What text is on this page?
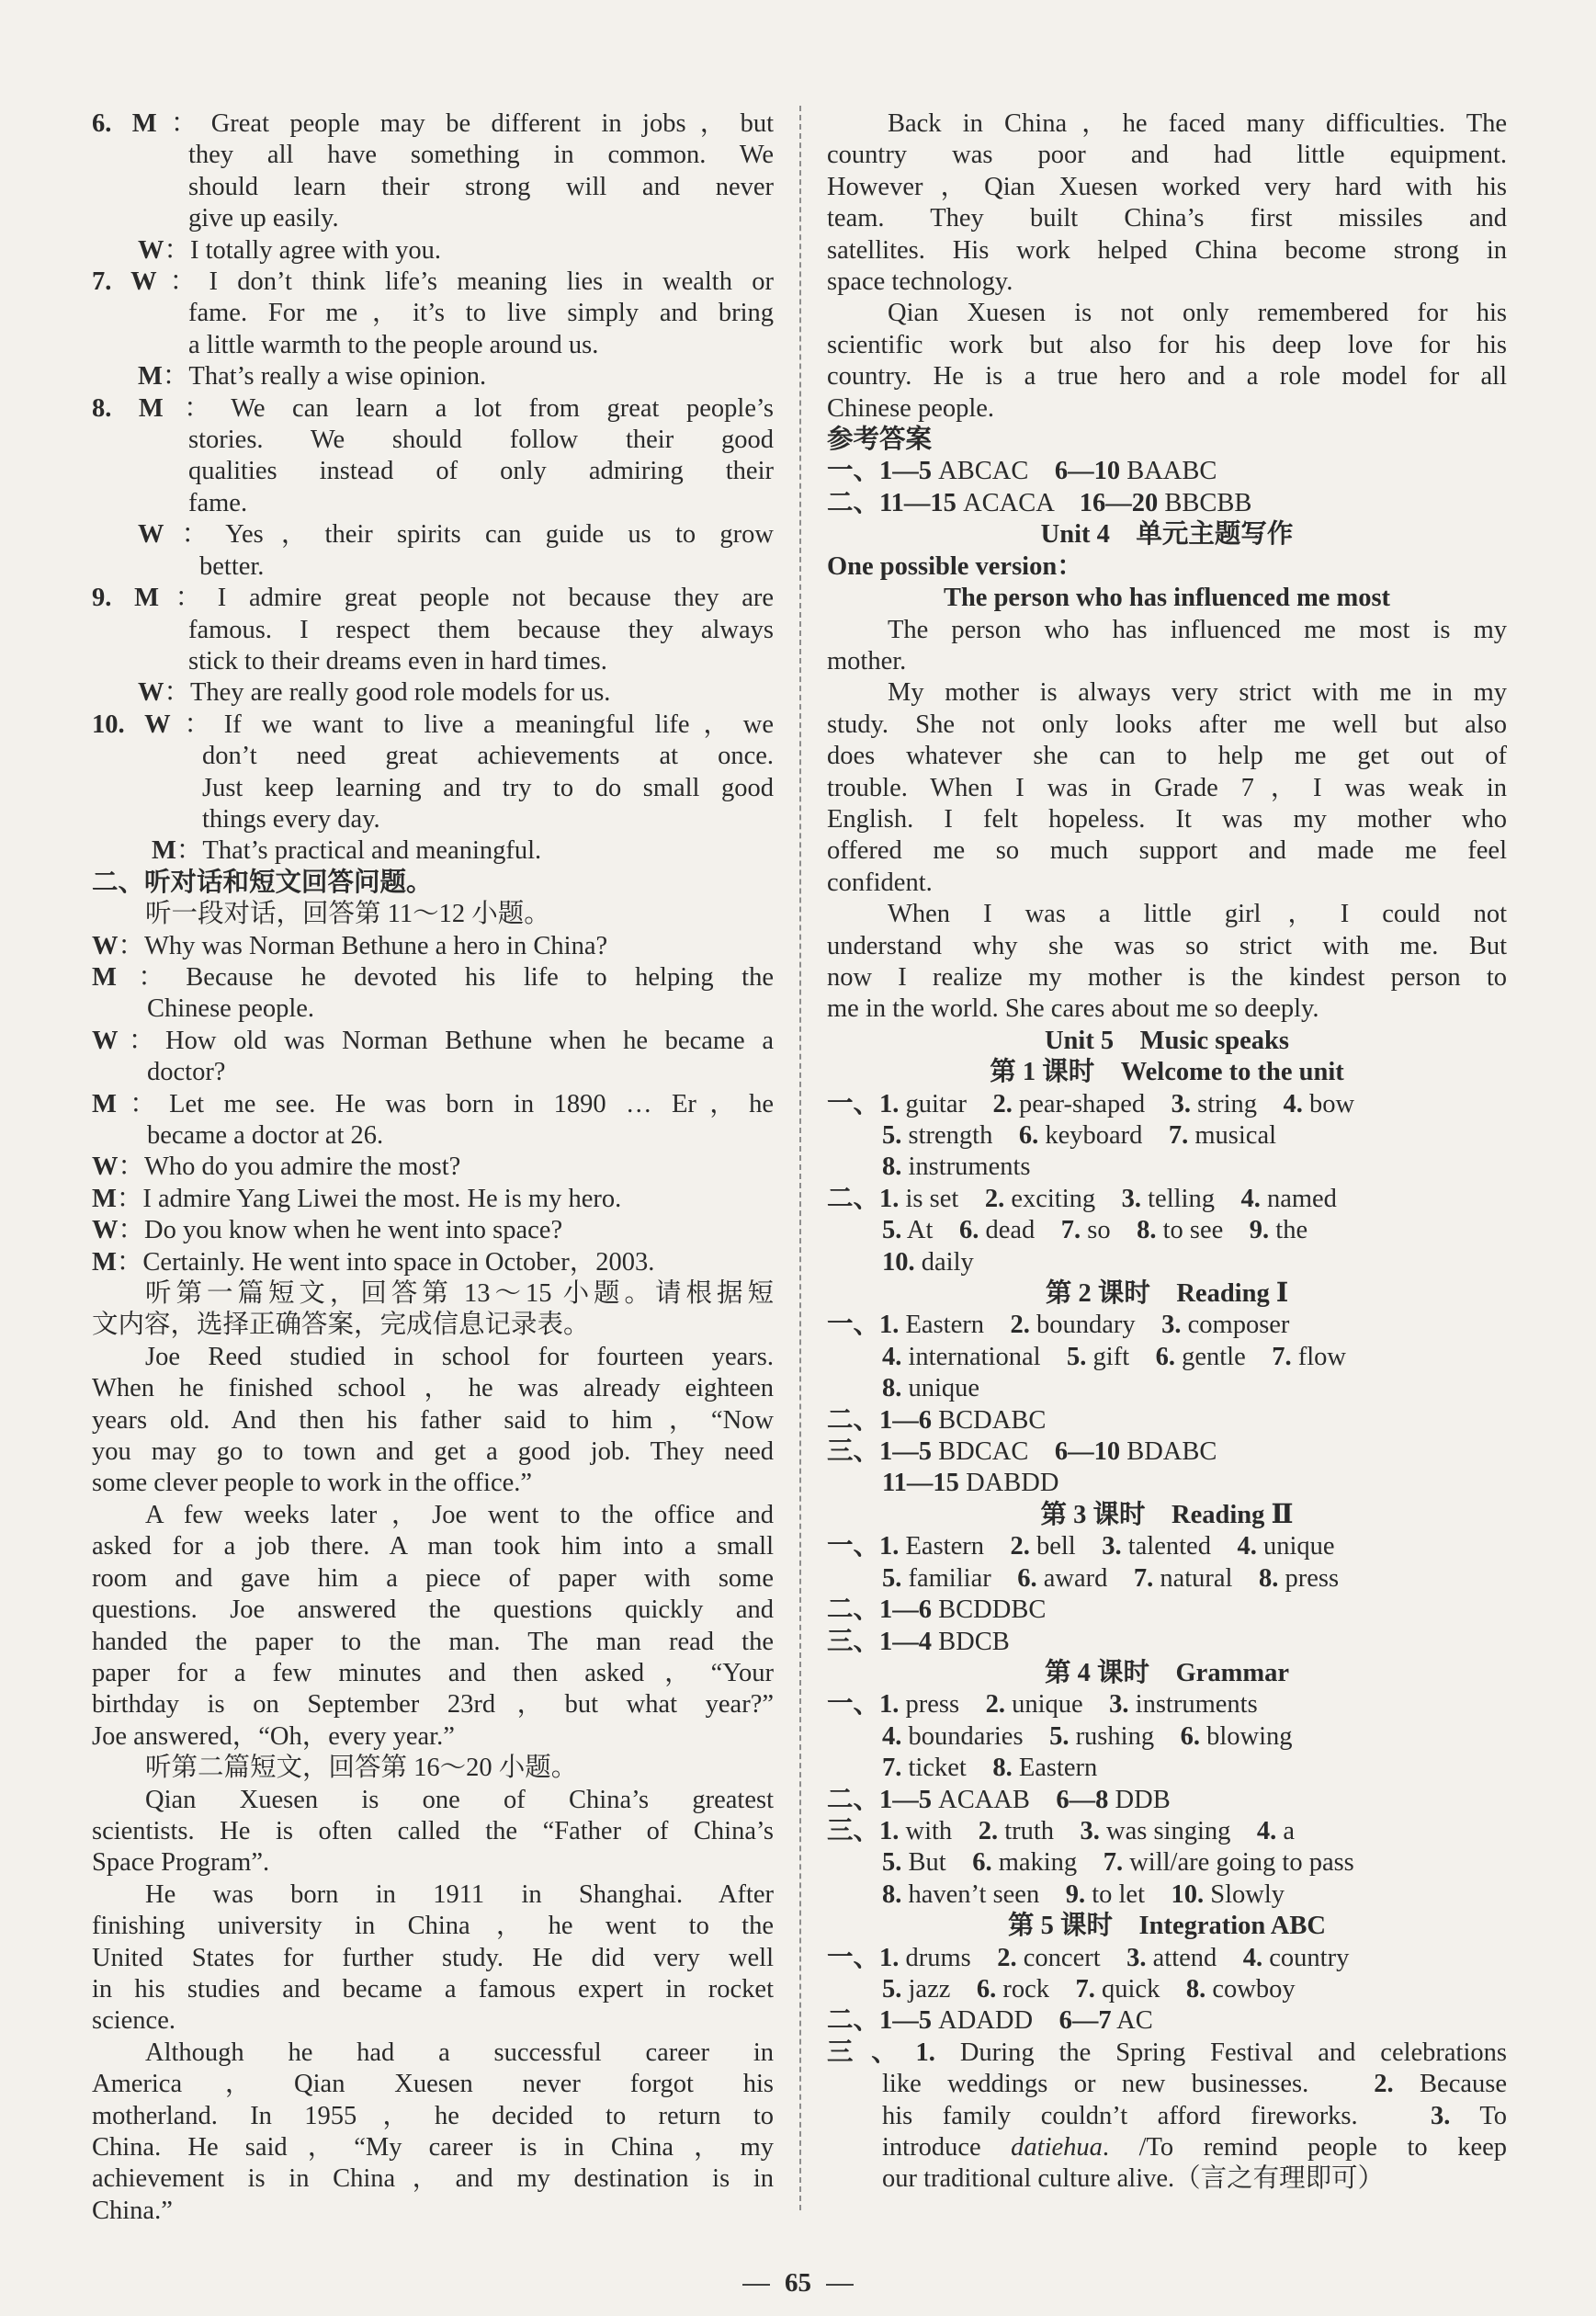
6. M：Great people may be different in jobs，but
they all have something in common. We
should learn their strong will and never
give up easily.
W：I totally agree with you.
7. W：I don’t think life’s meaning lies in wealth or
fame. For me，it’s to live simply and bring
a little warmth to the people around us.
M：That’s really a wise opinion.
8. M：We can learn a lot from great people’s
stories. We should follow their good
qualities instead of only admiring their
fame.
W：Yes，their spirits can guide us to grow
better.
9. M：I admire great people not because they are
famous. I respect them because they always
stick to their dreams even in hard times.
W：They are really good role models for us.
10. W：If we want to live a meaningful life，we
don’t need great achievements at once.
Just keep learning and try to do small good
things every day.
M：That’s practical and meaningful.
二、听对话和短文回答问题。
听一段对话，回答第 11～12 小题。
W：Why was Norman Bethune a hero in China?
M：Because he devoted his life to helping the
Chinese people.
W：How old was Norman Bethune when he became a
doctor?
M：Let me see. He was born in 1890 … Er，he
became a doctor at 26.
W：Who do you admire the most?
M：I admire Yang Liwei the most. He is my hero.
W：Do you know when he went into space?
M：Certainly. He went into space in October，2003.
听第一篇短文，回答第 13～15 小题。请根据短
文内容，选择正确答案，完成信息记录表。
Joe Reed studied in school for fourteen years.
When he finished school，he was already eighteen
years old. And then his father said to him，“Now
you may go to town and get a good job. They need
some clever people to work in the office.”
A few weeks later，Joe went to the office and
asked for a job there. A man took him into a small
room and gave him a piece of paper with some
questions. Joe answered the questions quickly and
handed the paper to the man. The man read the
paper for a few minutes and then asked，“Your
birthday is on September 23rd，but what year?”
Joe answered，“Oh，every year.”
听第二篇短文，回答第 16～20 小题。
Qian Xuesen is one of China’s greatest
scientists. He is often called the “Father of China’s
Space Program”.
He was born in 1911 in Shanghai. After
finishing university in China，he went to the
United States for further study. He did very well
in his studies and became a famous expert in rocket
science.
Although he had a successful career in
America，Qian Xuesen never forgot his
motherland. In 1955，he decided to return to
China. He said，“My career is in China，my
achievement is in China，and my destination is in
China.”
Back in China，he faced many difficulties. The
country was poor and had little equipment.
However，Qian Xuesen worked very hard with his
team. They built China’s first missiles and
satellites. His work helped China become strong in
space technology.
Qian Xuesen is not only remembered for his
scientific work but also for his deep love for his
country. He is a true hero and a role model for all
Chinese people.
参考答案
一、1—5 ABCAC　6—10 BAABC
二、11—15 ACACA　16—20 BBCBB
Unit 4　单元主题写作
One possible version：
The person who has influenced me most
The person who has influenced me most is my
mother.
My mother is always very strict with me in my
study. She not only looks after me well but also
does whatever she can to help me get out of
trouble. When I was in Grade 7，I was weak in
English. I felt hopeless. It was my mother who
offered me so much support and made me feel
confident.
When I was a little girl，I could not
understand why she was so strict with me. But
now I realize my mother is the kindest person to
me in the world. She cares about me so deeply.
Unit 5　Music speaks
第 1 课时　Welcome to the unit
一、1. guitar　2. pear-shaped　3. string　4. bow
5. strength　6. keyboard　7. musical
8. instruments
二、1. is set　2. exciting　3. telling　4. named
5. At　6. dead　7. so　8. to see　9. the
10. daily
第 2 课时　Reading Ⅰ
一、1. Eastern　2. boundary　3. composer
4. international　5. gift　6. gentle　7. flow
8. unique
二、1—6 BCDABC
三、1—5 BDCAC　6—10 BDABC
11—15 DABDD
第 3 课时　Reading Ⅱ
一、1. Eastern　2. bell　3. talented　4. unique
5. familiar　6. award　7. natural　8. press
二、1—6 BCDDBC
三、1—4 BDCB
第 4 课时　Grammar
一、1. press　2. unique　3. instruments
4. boundaries　5. rushing　6. blowing
7. ticket　8. Eastern
二、1—5 ACAAB　6—8 DDB
三、1. with　2. truth　3. was singing　4. a
5. But　6. making　7. will/are going to pass
8. haven’t seen　9. to let　10. Slowly
第 5 课时　Integration ABC
一、1. drums　2. concert　3. attend　4. country
5. jazz　6. rock　7. quick　8. cowboy
二、1—5 ADADD　6—7 AC
三、1. During the Spring Festival and celebrations
like weddings or new businesses.　2. Because
his family couldn’t afford fireworks.　3. To
introduce datiehua. /To remind people to keep
our traditional culture alive.（言之有理即可）
65
